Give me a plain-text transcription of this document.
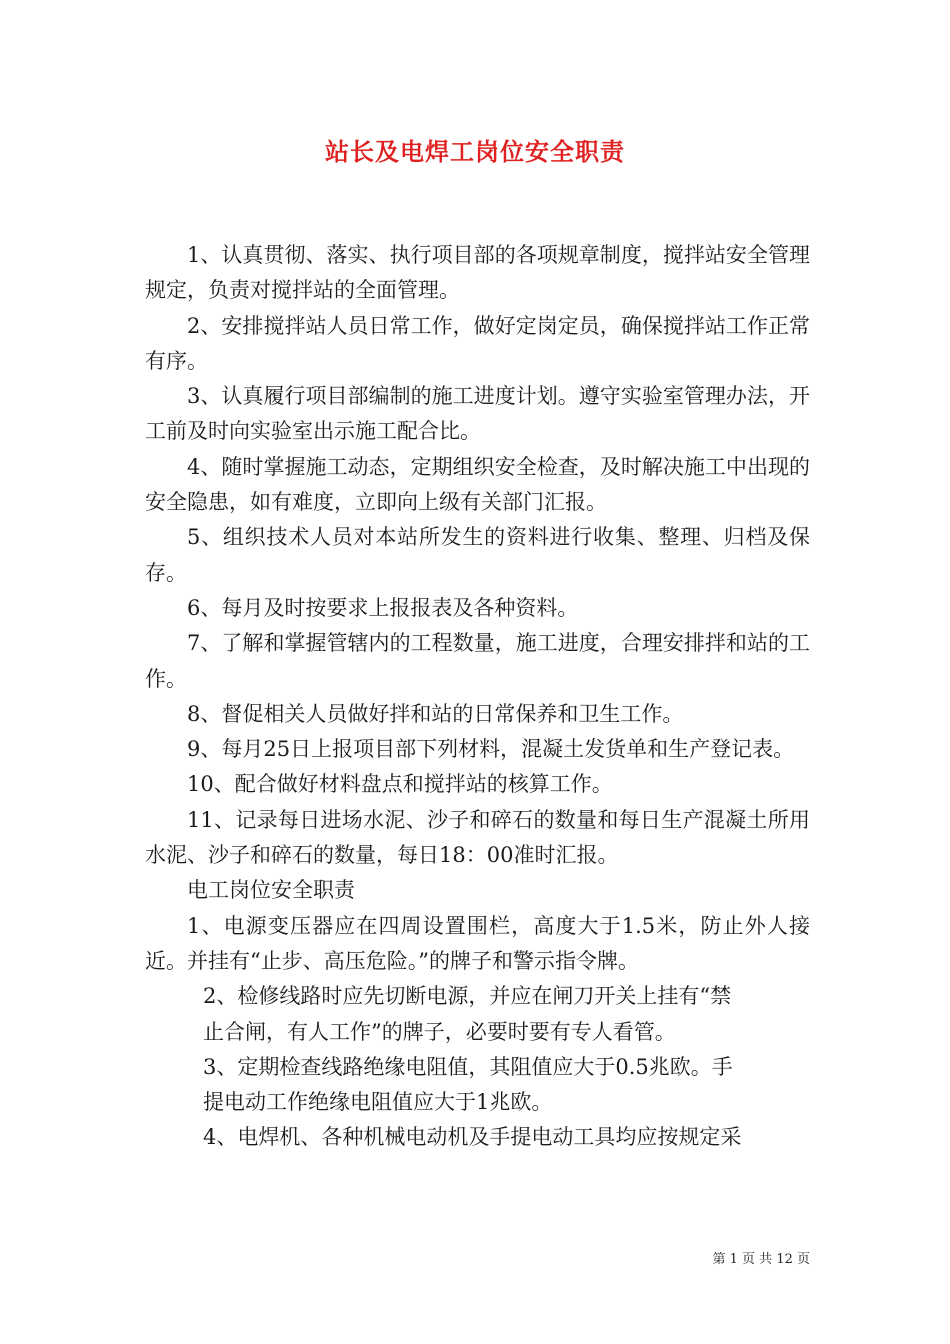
站长及电焊工岗位安全职责

1、认真贯彻、落实、执行项目部的各项规章制度，搅拌站安全管理规定，负责对搅拌站的全面管理。

2、安排搅拌站人员日常工作，做好定岗定员，确保搅拌站工作正常有序。

3、认真履行项目部编制的施工进度计划。遵守实验室管理办法，开工前及时向实验室出示施工配合比。

4、随时掌握施工动态，定期组织安全检查，及时解决施工中出现的安全隐患，如有难度，立即向上级有关部门汇报。

5、组织技术人员对本站所发生的资料进行收集、整理、归档及保存。

6、每月及时按要求上报报表及各种资料。

7、了解和掌握管辖内的工程数量，施工进度，合理安排拌和站的工作。

8、督促相关人员做好拌和站的日常保养和卫生工作。

9、每月25日上报项目部下列材料，混凝土发货单和生产登记表。

10、配合做好材料盘点和搅拌站的核算工作。

11、记录每日进场水泥、沙子和碎石的数量和每日生产混凝土所用水泥、沙子和碎石的数量，每日18：00准时汇报。

电工岗位安全职责

1、电源变压器应在四周设置围栏，高度大于1.5米，防止外人接近。并挂有“止步、高压危险。”的牌子和警示指令牌。

2、检修线路时应先切断电源，并应在闸刀开关上挂有“禁
止合闸，有人工作”的牌子，必要时要有专人看管。

3、定期检查线路绝缘电阻值，其阻值应大于0.5兆欧。手
提电动工作绝缘电阻值应大于1兆欧。

4、电焊机、各种机械电动机及手提电动工具均应按规定采

第 1 页 共 12 页
